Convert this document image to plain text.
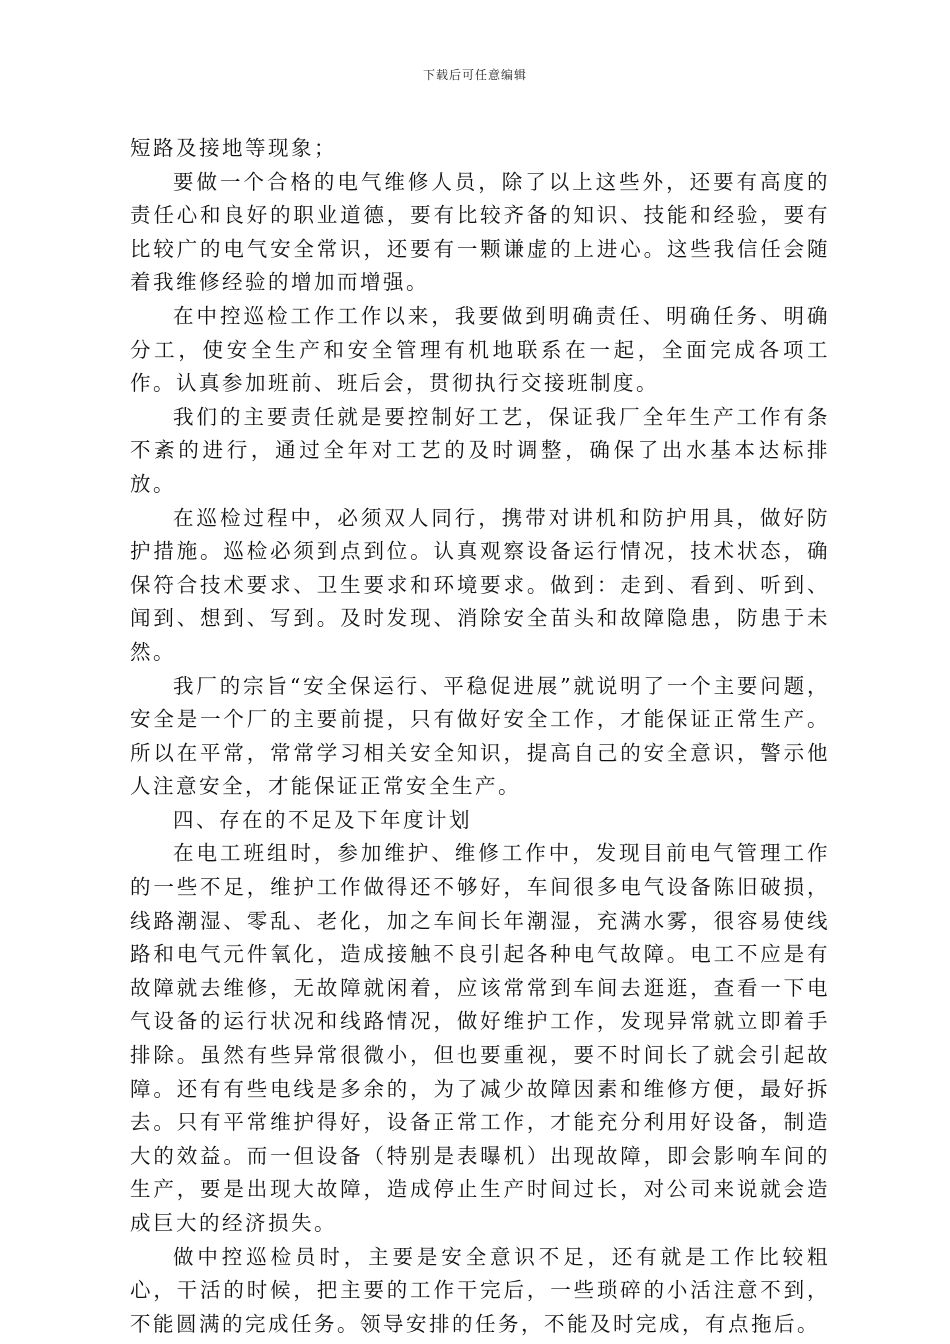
下载后可任意编辑

短路及接地等现象；

要做一个合格的电气维修人员，除了以上这些外，还要有高度的责任心和良好的职业道德，要有比较齐备的知识、技能和经验，要有比较广的电气安全常识，还要有一颗谦虚的上进心。这些我信任会随着我维修经验的增加而增强。

在中控巡检工作工作以来，我要做到明确责任、明确任务、明确分工，使安全生产和安全管理有机地联系在一起，全面完成各项工作。认真参加班前、班后会，贯彻执行交接班制度。

我们的主要责任就是要控制好工艺，保证我厂全年生产工作有条不紊的进行，通过全年对工艺的及时调整，确保了出水基本达标排放。

在巡检过程中，必须双人同行，携带对讲机和防护用具，做好防护措施。巡检必须到点到位。认真观察设备运行情况，技术状态，确保符合技术要求、卫生要求和环境要求。做到：走到、看到、听到、闻到、想到、写到。及时发现、消除安全苗头和故障隐患，防患于未然。

我厂的宗旨“安全保运行、平稳促进展”就说明了一个主要问题，安全是一个厂的主要前提，只有做好安全工作，才能保证正常生产。所以在平常，常常学习相关安全知识，提高自己的安全意识，警示他人注意安全，才能保证正常安全生产。

四、存在的不足及下年度计划

在电工班组时，参加维护、维修工作中，发现目前电气管理工作的一些不足，维护工作做得还不够好，车间很多电气设备陈旧破损，线路潮湿、零乱、老化，加之车间长年潮湿，充满水雾，很容易使线路和电气元件氧化，造成接触不良引起各种电气故障。电工不应是有故障就去维修，无故障就闲着，应该常常到车间去逛逛，查看一下电气设备的运行状况和线路情况，做好维护工作，发现异常就立即着手排除。虽然有些异常很微小，但也要重视，要不时间长了就会引起故障。还有有些电线是多余的，为了减少故障因素和维修方便，最好拆去。只有平常维护得好，设备正常工作，才能充分利用好设备，制造大的效益。而一但设备（特别是表曝机）出现故障，即会影响车间的生产，要是出现大故障，造成停止生产时间过长，对公司来说就会造成巨大的经济损失。

做中控巡检员时，主要是安全意识不足，还有就是工作比较粗心，干活的时候，把主要的工作干完后，一些琐碎的小活注意不到，不能圆满的完成任务。领导安排的任务，不能及时完成，有点拖后。
